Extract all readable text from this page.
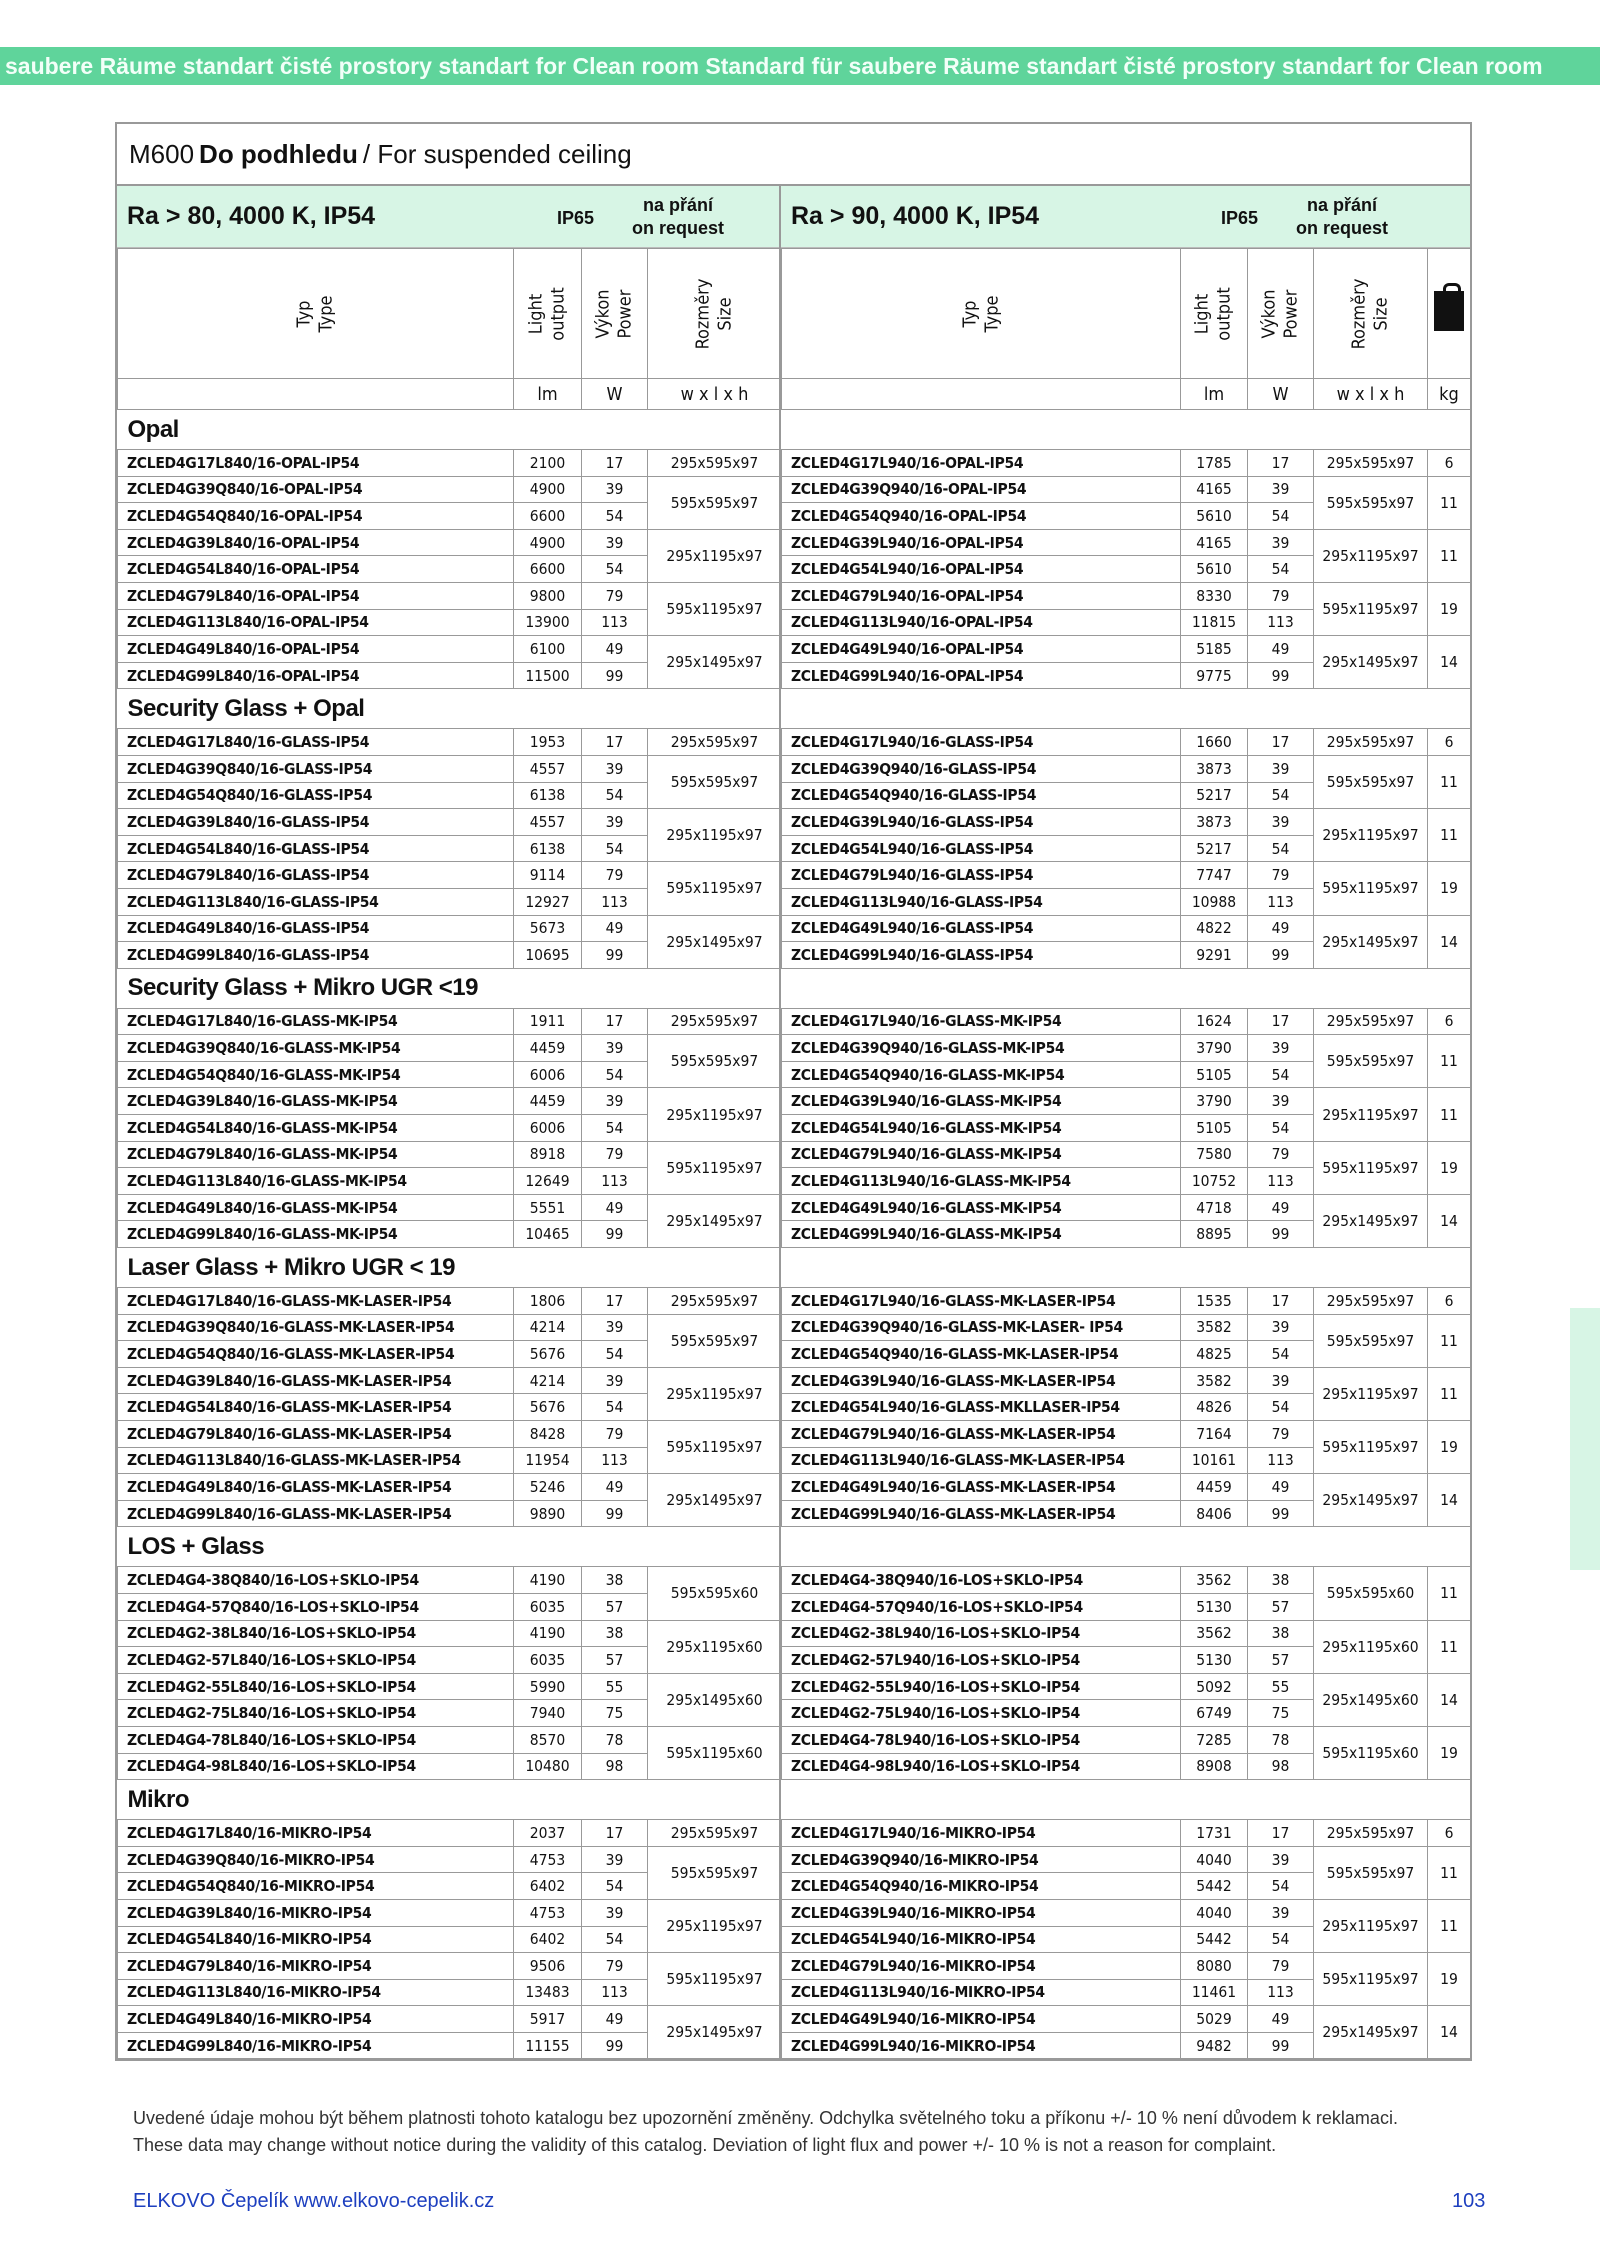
saubere Räume standart čisté prostory standart for Clean room Standard für saubere Räume standart čisté prostory standart for Clean room
M600 Do podhledu / For suspended ceiling
Ra > 80, 4000 K, IP54	IP65
na přání
on request
Typ
Type	Light
output	Výkon
Power	Rozměry
Size
	lm	W	w x l x h
Opal			
ZCLED4G17L840/16-OPAL-IP54	2100	17	295x595x97
ZCLED4G39Q840/16-OPAL-IP54	4900	39	595x595x97
ZCLED4G54Q840/16-OPAL-IP54	6600	54	
ZCLED4G39L840/16-OPAL-IP54	4900	39	295x1195x97
ZCLED4G54L840/16-OPAL-IP54	6600	54	
ZCLED4G79L840/16-OPAL-IP54	9800	79	595x1195x97
ZCLED4G113L840/16-OPAL-IP54	13900	113	
ZCLED4G49L840/16-OPAL-IP54	6100	49	295x1495x97
ZCLED4G99L840/16-OPAL-IP54	11500	99	
Security Glass + Opal			
ZCLED4G17L840/16-GLASS-IP54	1953	17	295x595x97
ZCLED4G39Q840/16-GLASS-IP54	4557	39	595x595x97
ZCLED4G54Q840/16-GLASS-IP54	6138	54	
ZCLED4G39L840/16-GLASS-IP54	4557	39	295x1195x97
ZCLED4G54L840/16-GLASS-IP54	6138	54	
ZCLED4G79L840/16-GLASS-IP54	9114	79	595x1195x97
ZCLED4G113L840/16-GLASS-IP54	12927	113	
ZCLED4G49L840/16-GLASS-IP54	5673	49	295x1495x97
ZCLED4G99L840/16-GLASS-IP54	10695	99	
Security Glass + Mikro UGR <19			
ZCLED4G17L840/16-GLASS-MK-IP54	1911	17	295x595x97
ZCLED4G39Q840/16-GLASS-MK-IP54	4459	39	595x595x97
ZCLED4G54Q840/16-GLASS-MK-IP54	6006	54	
ZCLED4G39L840/16-GLASS-MK-IP54	4459	39	295x1195x97
ZCLED4G54L840/16-GLASS-MK-IP54	6006	54	
ZCLED4G79L840/16-GLASS-MK-IP54	8918	79	595x1195x97
ZCLED4G113L840/16-GLASS-MK-IP54	12649	113	
ZCLED4G49L840/16-GLASS-MK-IP54	5551	49	295x1495x97
ZCLED4G99L840/16-GLASS-MK-IP54	10465	99	
Laser Glass + Mikro UGR < 19			
ZCLED4G17L840/16-GLASS-MK-LASER-IP54	1806	17	295x595x97
ZCLED4G39Q840/16-GLASS-MK-LASER-IP54	4214	39	595x595x97
ZCLED4G54Q840/16-GLASS-MK-LASER-IP54	5676	54	
ZCLED4G39L840/16-GLASS-MK-LASER-IP54	4214	39	295x1195x97
ZCLED4G54L840/16-GLASS-MK-LASER-IP54	5676	54	
ZCLED4G79L840/16-GLASS-MK-LASER-IP54	8428	79	595x1195x97
ZCLED4G113L840/16-GLASS-MK-LASER-IP54	11954	113	
ZCLED4G49L840/16-GLASS-MK-LASER-IP54	5246	49	295x1495x97
ZCLED4G99L840/16-GLASS-MK-LASER-IP54	9890	99	
LOS + Glass			
ZCLED4G4-38Q840/16-LOS+SKLO-IP54	4190	38	595x595x60
ZCLED4G4-57Q840/16-LOS+SKLO-IP54	6035	57	
ZCLED4G2-38L840/16-LOS+SKLO-IP54	4190	38	295x1195x60
ZCLED4G2-57L840/16-LOS+SKLO-IP54	6035	57	
ZCLED4G2-55L840/16-LOS+SKLO-IP54	5990	55	295x1495x60
ZCLED4G2-75L840/16-LOS+SKLO-IP54	7940	75	
ZCLED4G4-78L840/16-LOS+SKLO-IP54	8570	78	595x1195x60
ZCLED4G4-98L840/16-LOS+SKLO-IP54	10480	98	
Mikro			
ZCLED4G17L840/16-MIKRO-IP54	2037	17	295x595x97
ZCLED4G39Q840/16-MIKRO-IP54	4753	39	595x595x97
ZCLED4G54Q840/16-MIKRO-IP54	6402	54	
ZCLED4G39L840/16-MIKRO-IP54	4753	39	295x1195x97
ZCLED4G54L840/16-MIKRO-IP54	6402	54	
ZCLED4G79L840/16-MIKRO-IP54	9506	79	595x1195x97
ZCLED4G113L840/16-MIKRO-IP54	13483	113	
ZCLED4G49L840/16-MIKRO-IP54	5917	49	295x1495x97
ZCLED4G99L840/16-MIKRO-IP54	11155	99	
Ra > 90, 4000 K, IP54	IP65
na přání
on request
Typ
Type	Light
output	Výkon
Power	Rozměry
Size	
	lm	W	w x l x h	kg

ZCLED4G17L940/16-OPAL-IP54	1785	17	295x595x97	6
ZCLED4G39Q940/16-OPAL-IP54	4165	39	595x595x97	11
ZCLED4G54Q940/16-OPAL-IP54	5610	54		
ZCLED4G39L940/16-OPAL-IP54	4165	39	295x1195x97	11
ZCLED4G54L940/16-OPAL-IP54	5610	54		
ZCLED4G79L940/16-OPAL-IP54	8330	79	595x1195x97	19
ZCLED4G113L940/16-OPAL-IP54	11815	113		
ZCLED4G49L940/16-OPAL-IP54	5185	49	295x1495x97	14
ZCLED4G99L940/16-OPAL-IP54	9775	99		

ZCLED4G17L940/16-GLASS-IP54	1660	17	295x595x97	6
ZCLED4G39Q940/16-GLASS-IP54	3873	39	595x595x97	11
ZCLED4G54Q940/16-GLASS-IP54	5217	54		
ZCLED4G39L940/16-GLASS-IP54	3873	39	295x1195x97	11
ZCLED4G54L940/16-GLASS-IP54	5217	54		
ZCLED4G79L940/16-GLASS-IP54	7747	79	595x1195x97	19
ZCLED4G113L940/16-GLASS-IP54	10988	113		
ZCLED4G49L940/16-GLASS-IP54	4822	49	295x1495x97	14
ZCLED4G99L940/16-GLASS-IP54	9291	99		

ZCLED4G17L940/16-GLASS-MK-IP54	1624	17	295x595x97	6
ZCLED4G39Q940/16-GLASS-MK-IP54	3790	39	595x595x97	11
ZCLED4G54Q940/16-GLASS-MK-IP54	5105	54		
ZCLED4G39L940/16-GLASS-MK-IP54	3790	39	295x1195x97	11
ZCLED4G54L940/16-GLASS-MK-IP54	5105	54		
ZCLED4G79L940/16-GLASS-MK-IP54	7580	79	595x1195x97	19
ZCLED4G113L940/16-GLASS-MK-IP54	10752	113		
ZCLED4G49L940/16-GLASS-MK-IP54	4718	49	295x1495x97	14
ZCLED4G99L940/16-GLASS-MK-IP54	8895	99		

ZCLED4G17L940/16-GLASS-MK-LASER-IP54	1535	17	295x595x97	6
ZCLED4G39Q940/16-GLASS-MK-LASER- IP54	3582	39	595x595x97	11
ZCLED4G54Q940/16-GLASS-MK-LASER-IP54	4825	54		
ZCLED4G39L940/16-GLASS-MK-LASER-IP54	3582	39	295x1195x97	11
ZCLED4G54L940/16-GLASS-MKLLASER-IP54	4826	54		
ZCLED4G79L940/16-GLASS-MK-LASER-IP54	7164	79	595x1195x97	19
ZCLED4G113L940/16-GLASS-MK-LASER-IP54	10161	113		
ZCLED4G49L940/16-GLASS-MK-LASER-IP54	4459	49	295x1495x97	14
ZCLED4G99L940/16-GLASS-MK-LASER-IP54	8406	99		

ZCLED4G4-38Q940/16-LOS+SKLO-IP54	3562	38	595x595x60	11
ZCLED4G4-57Q940/16-LOS+SKLO-IP54	5130	57		
ZCLED4G2-38L940/16-LOS+SKLO-IP54	3562	38	295x1195x60	11
ZCLED4G2-57L940/16-LOS+SKLO-IP54	5130	57		
ZCLED4G2-55L940/16-LOS+SKLO-IP54	5092	55	295x1495x60	14
ZCLED4G2-75L940/16-LOS+SKLO-IP54	6749	75		
ZCLED4G4-78L940/16-LOS+SKLO-IP54	7285	78	595x1195x60	19
ZCLED4G4-98L940/16-LOS+SKLO-IP54	8908	98		

ZCLED4G17L940/16-MIKRO-IP54	1731	17	295x595x97	6
ZCLED4G39Q940/16-MIKRO-IP54	4040	39	595x595x97	11
ZCLED4G54Q940/16-MIKRO-IP54	5442	54		
ZCLED4G39L940/16-MIKRO-IP54	4040	39	295x1195x97	11
ZCLED4G54L940/16-MIKRO-IP54	5442	54		
ZCLED4G79L940/16-MIKRO-IP54	8080	79	595x1195x97	19
ZCLED4G113L940/16-MIKRO-IP54	11461	113		
ZCLED4G49L940/16-MIKRO-IP54	5029	49	295x1495x97	14
ZCLED4G99L940/16-MIKRO-IP54	9482	99		
Uvedené údaje mohou být během platnosti tohoto katalogu bez upozornění změněny. Odchylka světelného toku a příkonu +/- 10 % není důvodem k reklamaci.
These data may change without notice during the validity of this catalog. Deviation of light flux and power +/- 10 % is not a reason for complaint.
ELKOVO Čepelík www.elkovo-cepelik.cz	103
